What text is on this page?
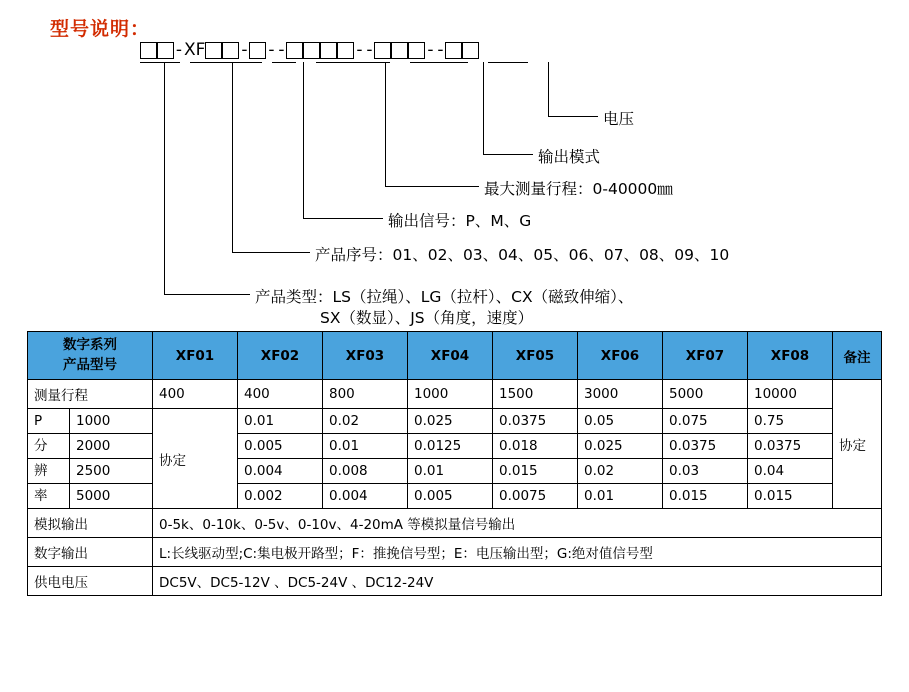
型号说明：
- XF - - -	- -	- -
电压
输出模式
最大测量行程：0-40000㎜
输出信号：P、M、G
产品序号：01、02、03、04、05、06、07、08、09、10
产品类型：LS（拉绳）、LG（拉杆）、CX（磁致伸缩）、
SX（数显）、JS（角度，速度）
数字系列
产品型号		XF01	XF02	XF03	XF04	XF05	XF06	XF07	XF08	备注
测量行程		400	400	800	1000	1500	3000	5000	10000	协定
P	1000	协定	0.01	0.02	0.025	0.0375	0.05	0.075	0.75	
分	2000		0.005	0.01	0.0125	0.018	0.025	0.0375	0.0375	
辨	2500		0.004	0.008	0.01	0.015	0.02	0.03	0.04	
率	5000		0.002	0.004	0.005	0.0075	0.01	0.015	0.015	
模拟输出		0-5k、0-10k、0-5v、0-10v、4-20mA 等模拟量信号输出								
数字输出		L:长线驱动型;C:集电极开路型；F：推挽信号型；E：电压输出型；G:绝对值信号型								
供电电压		DC5V、DC5-12V 、DC5-24V 、DC12-24V								
